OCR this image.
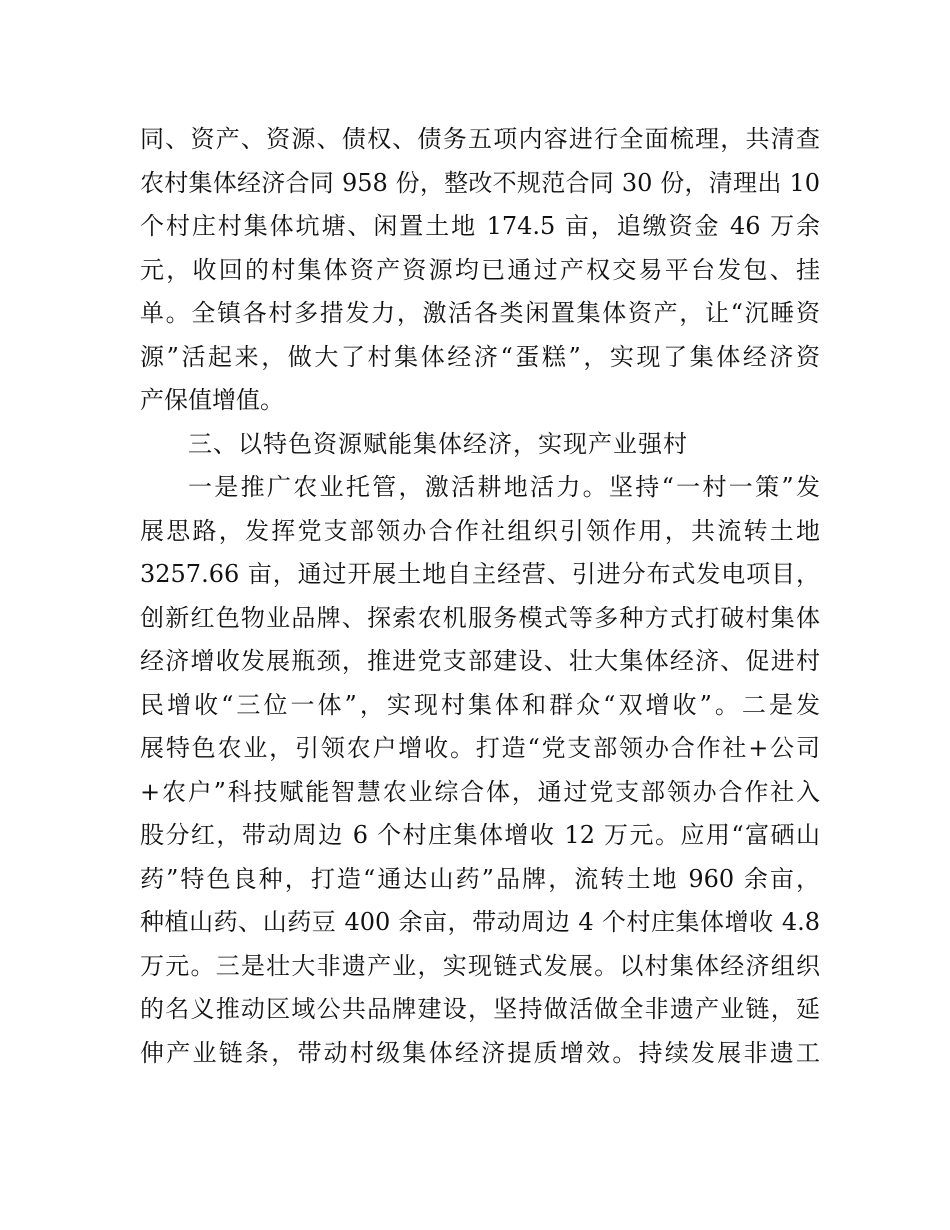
同、资产、资源、债权、债务五项内容进行全面梳理，共清查
农村集体经济合同 958 份，整改不规范合同 30 份，清理出 10
个村庄村集体坑塘、闲置土地 174.5 亩，追缴资金 46 万余
元，收回的村集体资产资源均已通过产权交易平台发包、挂
单。全镇各村多措发力，激活各类闲置集体资产，让“沉睡资
源”活起来，做大了村集体经济“蛋糕”，实现了集体经济资
产保值增值。
三、以特色资源赋能集体经济，实现产业强村
一是推广农业托管，激活耕地活力。坚持“一村一策”发
展思路，发挥党支部领办合作社组织引领作用，共流转土地
3257.66 亩，通过开展土地自主经营、引进分布式发电项目，
创新红色物业品牌、探索农机服务模式等多种方式打破村集体
经济增收发展瓶颈，推进党支部建设、壮大集体经济、促进村
民增收“三位一体”，实现村集体和群众“双增收”。二是发
展特色农业，引领农户增收。打造“党支部领办合作社+公司
+农户”科技赋能智慧农业综合体，通过党支部领办合作社入
股分红，带动周边 6 个村庄集体增收 12 万元。应用“富硒山
药”特色良种，打造“通达山药”品牌，流转土地 960 余亩，
种植山药、山药豆 400 余亩，带动周边 4 个村庄集体增收 4.8
万元。三是壮大非遗产业，实现链式发展。以村集体经济组织
的名义推动区域公共品牌建设，坚持做活做全非遗产业链，延
伸产业链条，带动村级集体经济提质增效。持续发展非遗工
